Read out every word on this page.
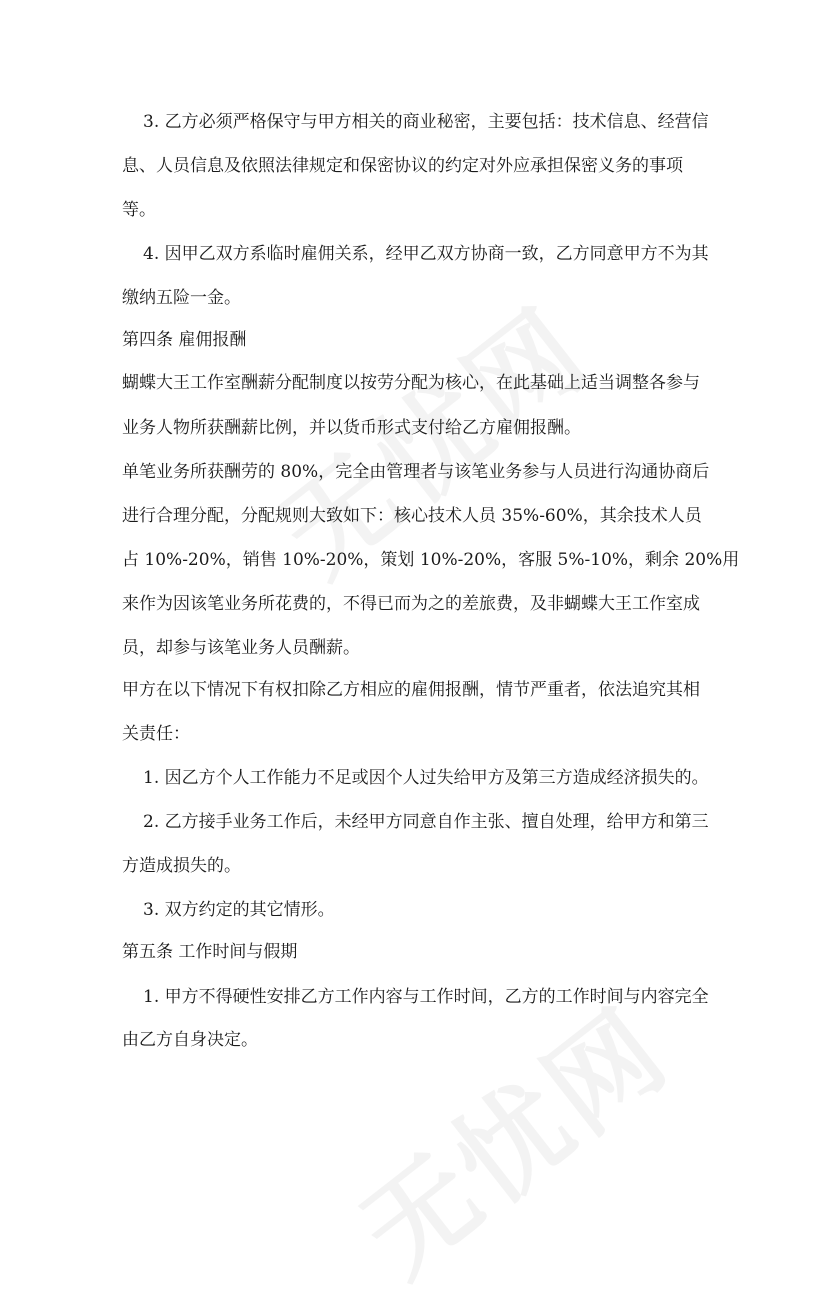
3. 乙方必须严格保守与甲方相关的商业秘密，主要包括：技术信息、经营信
息、人员信息及依照法律规定和保密协议的约定对外应承担保密义务的事项
等。
4. 因甲乙双方系临时雇佣关系，经甲乙双方协商一致，乙方同意甲方不为其
缴纳五险一金。
第四条 雇佣报酬
蝴蝶大王工作室酬薪分配制度以按劳分配为核心，在此基础上适当调整各参与
业务人物所获酬薪比例，并以货币形式支付给乙方雇佣报酬。
单笔业务所获酬劳的 80%，完全由管理者与该笔业务参与人员进行沟通协商后
进行合理分配，分配规则大致如下：核心技术人员 35%-60%，其余技术人员
占 10%-20%，销售 10%-20%，策划 10%-20%，客服 5%-10%，剩余 20%用
来作为因该笔业务所花费的，不得已而为之的差旅费，及非蝴蝶大王工作室成
员，却参与该笔业务人员酬薪。
甲方在以下情况下有权扣除乙方相应的雇佣报酬，情节严重者，依法追究其相
关责任：
1. 因乙方个人工作能力不足或因个人过失给甲方及第三方造成经济损失的。
2. 乙方接手业务工作后，未经甲方同意自作主张、擅自处理，给甲方和第三
方造成损失的。
3. 双方约定的其它情形。
第五条 工作时间与假期
1. 甲方不得硬性安排乙方工作内容与工作时间，乙方的工作时间与内容完全
由乙方自身决定。
